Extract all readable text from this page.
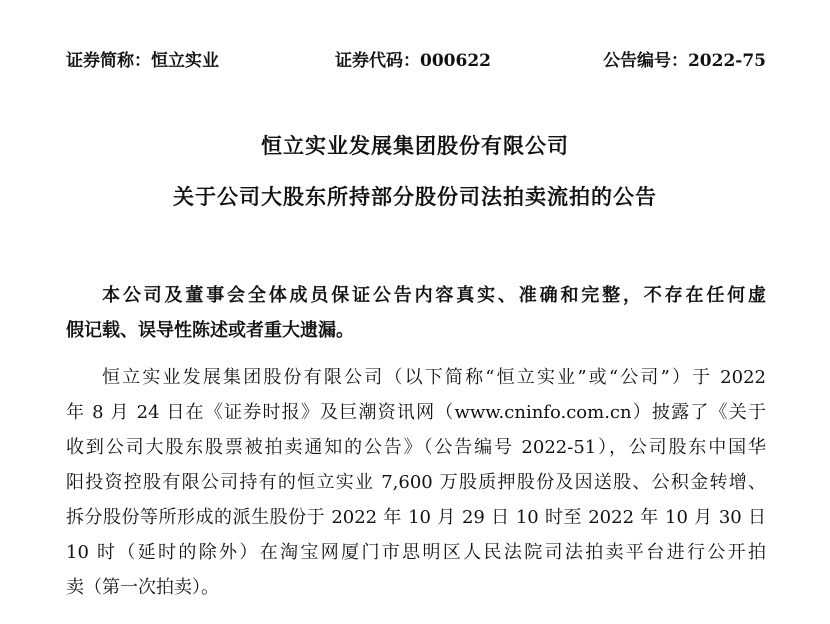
证券简称：恒立实业	证券代码：000622	公告编号：2022-75
恒立实业发展集团股份有限公司
关于公司大股东所持部分股份司法拍卖流拍的公告

本公司及董事会全体成员保证公告内容真实、准确和完整，不存在任何虚
假记载、误导性陈述或者重大遗漏。

恒立实业发展集团股份有限公司（以下简称“恒立实业”或“公司”）于 2022
年 8 月 24 日在《证券时报》及巨潮资讯网（www.cninfo.com.cn）披露了《关于
收到公司大股东股票被拍卖通知的公告》（公告编号 2022-51），公司股东中国华
阳投资控股有限公司持有的恒立实业 7,600 万股质押股份及因送股、公积金转增、
拆分股份等所形成的派生股份于 2022 年 10 月 29 日 10 时至 2022 年 10 月 30 日
10 时（延时的除外）在淘宝网厦门市思明区人民法院司法拍卖平台进行公开拍
卖（第一次拍卖）。
